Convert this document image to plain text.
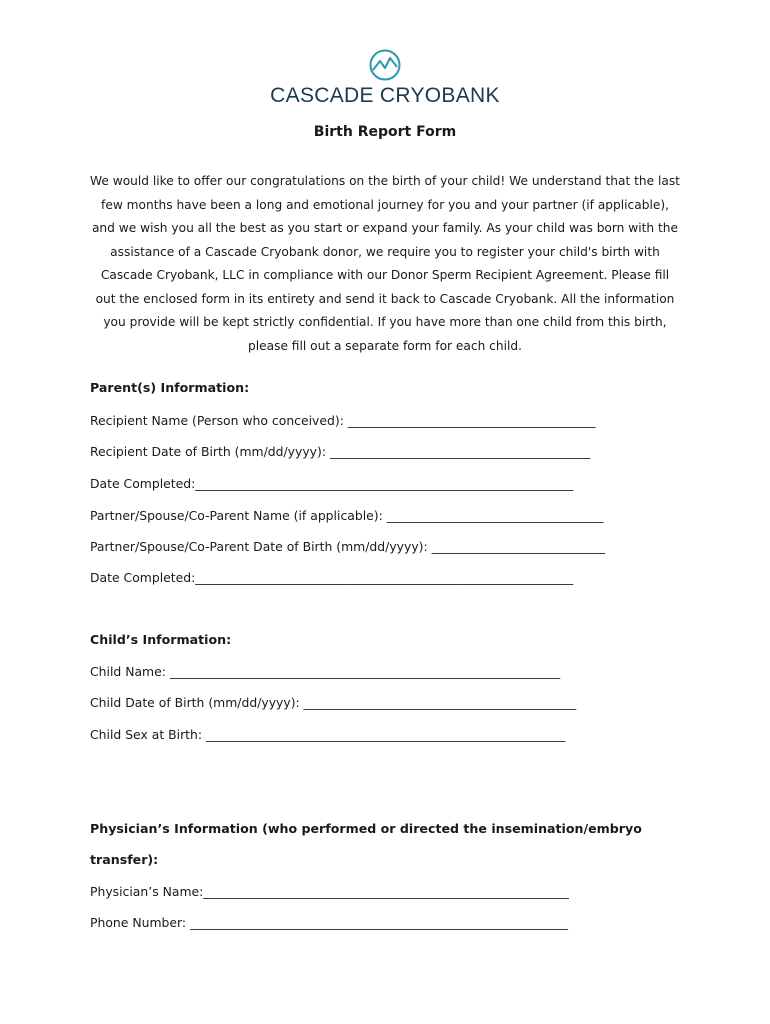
CASCADE CRYOBANK
Birth Report Form

We would like to offer our congratulations on the birth of your child! We understand that the last few months have been a long and emotional journey for you and your partner (if applicable), and we wish you all the best as you start or expand your family. As your child was born with the assistance of a Cascade Cryobank donor, we require you to register your child's birth with Cascade Cryobank, LLC in compliance with our Donor Sperm Recipient Agreement. Please fill out the enclosed form in its entirety and send it back to Cascade Cryobank. All the information you provide will be kept strictly confidential. If you have more than one child from this birth, please fill out a separate form for each child.

Parent(s) Information:
Recipient Name (Person who conceived): ________________________________________
Recipient Date of Birth (mm/dd/yyyy): __________________________________________
Date Completed:_____________________________________________________________
Partner/Spouse/Co-Parent Name (if applicable): ___________________________________
Partner/Spouse/Co-Parent Date of Birth (mm/dd/yyyy): ____________________________
Date Completed:_____________________________________________________________
Child’s Information:
Child Name: _______________________________________________________________
Child Date of Birth (mm/dd/yyyy): ____________________________________________
Child Sex at Birth: __________________________________________________________
Physician’s Information (who performed or directed the insemination/embryo transfer):
Physician’s Name:___________________________________________________________
Phone Number: _____________________________________________________________
